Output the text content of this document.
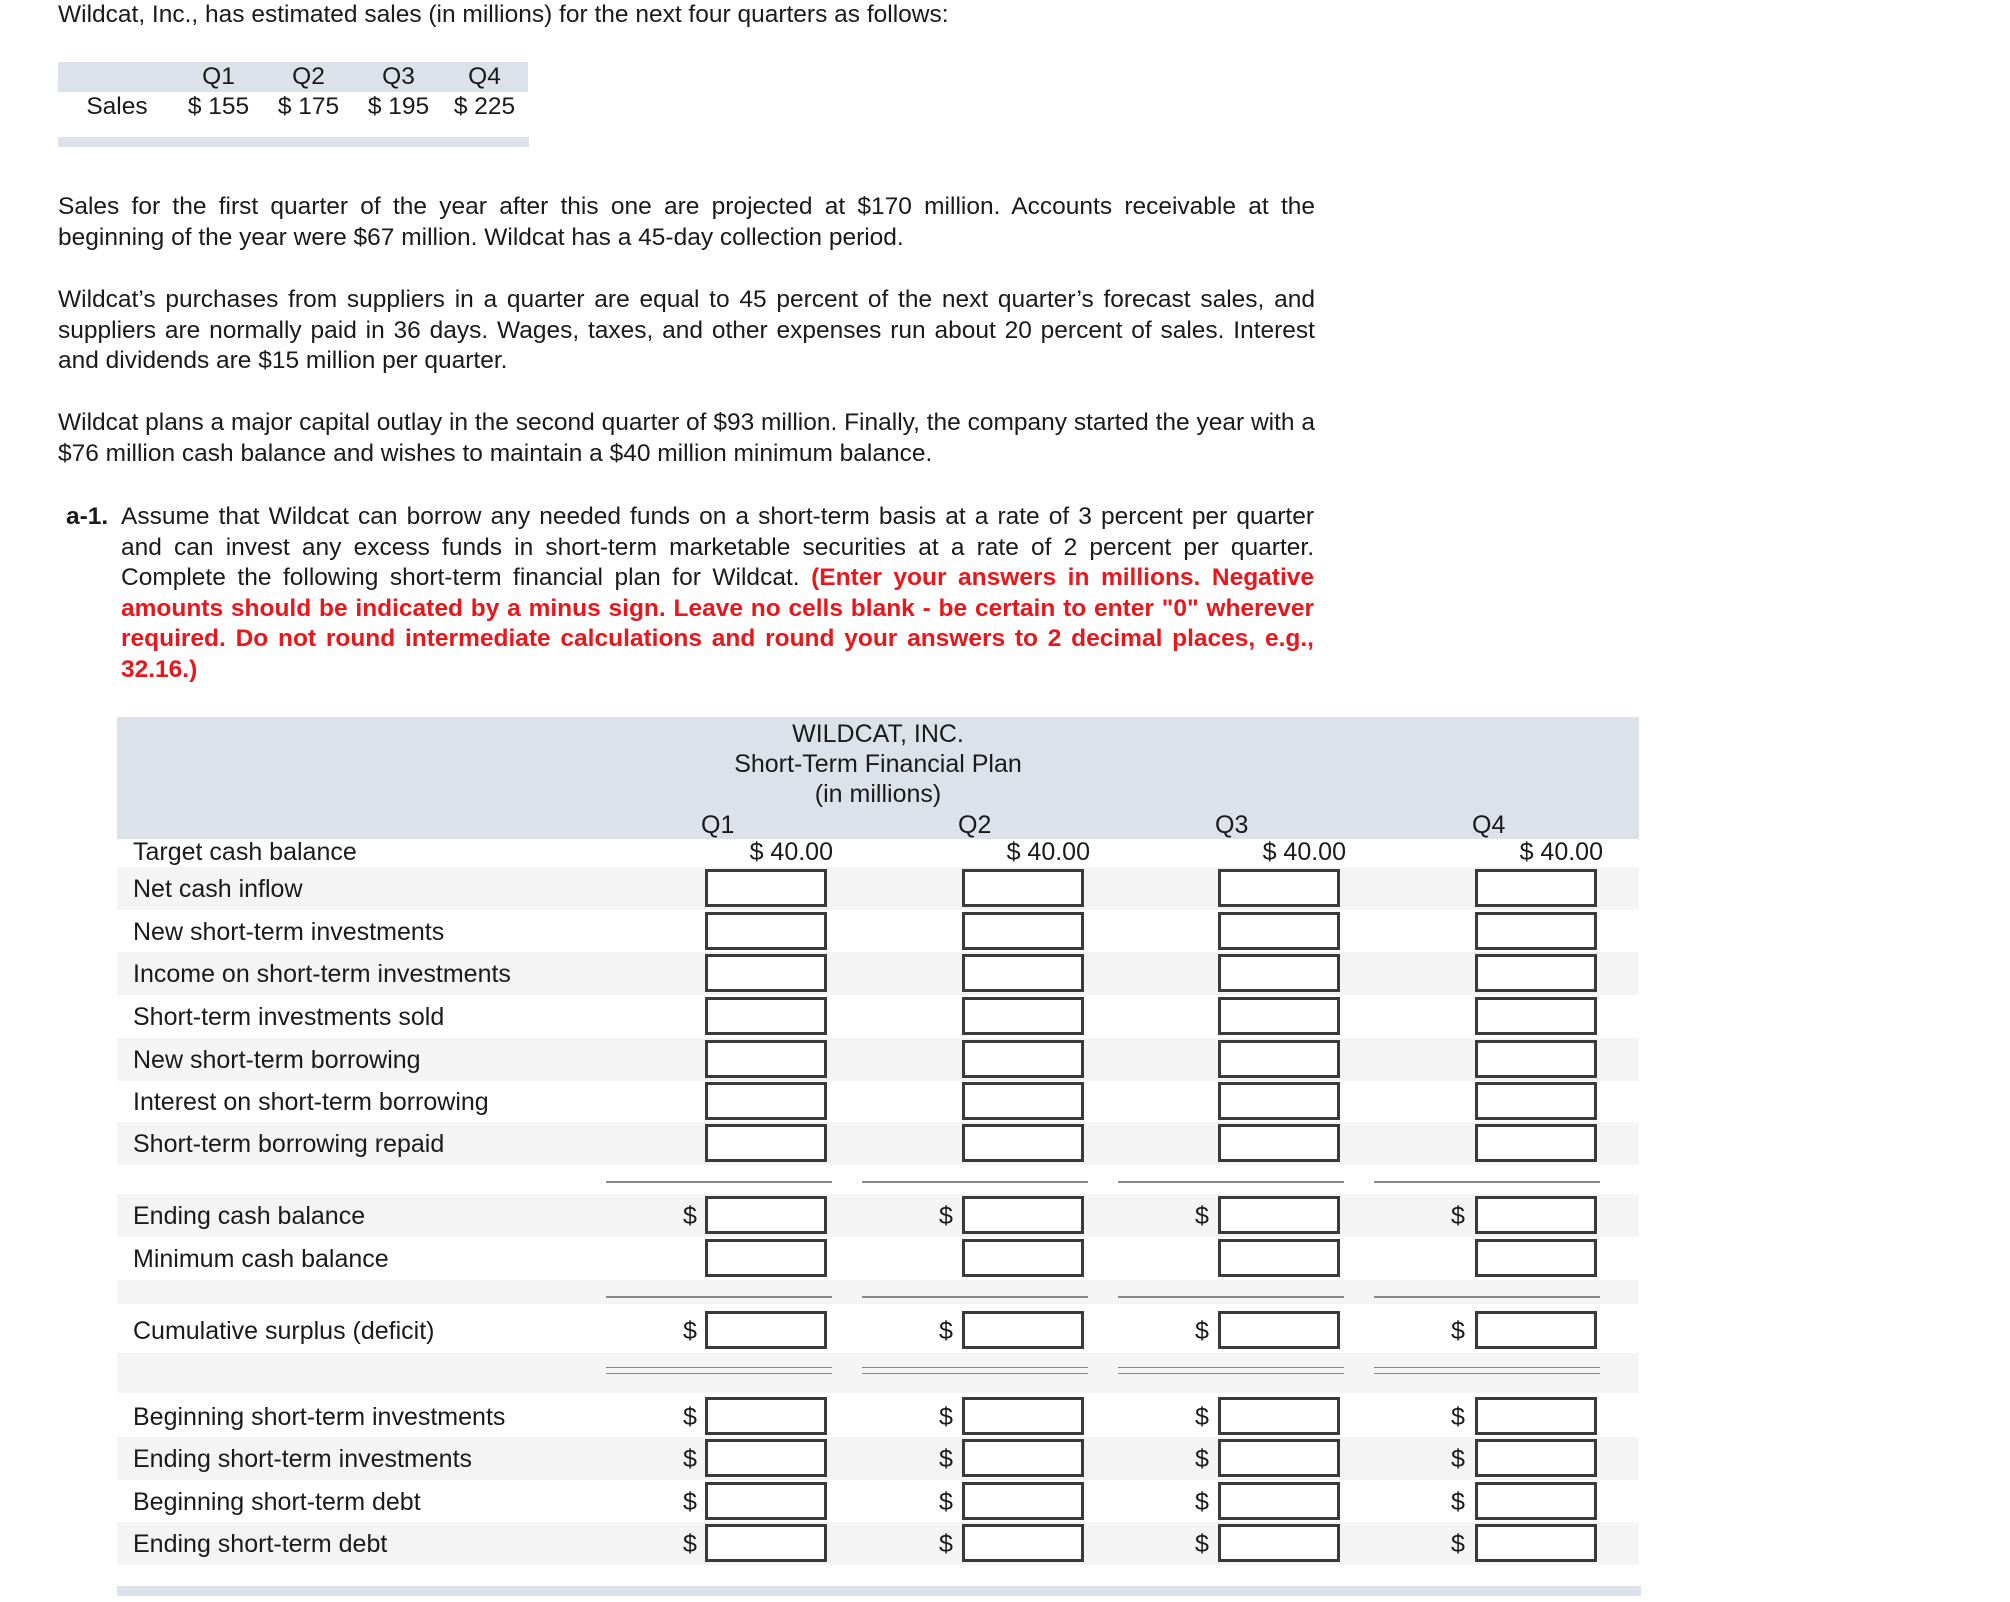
Wildcat, Inc., has estimated sales (in millions) for the next four quarters as follows:

	Q1	Q2	Q3	Q4
Sales	$ 155	$ 175	$ 195	$ 225

Sales for the first quarter of the year after this one are projected at $170 million. Accounts receivable at the beginning of the year were $67 million. Wildcat has a 45-day collection period.

Wildcat’s purchases from suppliers in a quarter are equal to 45 percent of the next quarter’s forecast sales, and suppliers are normally paid in 36 days. Wages, taxes, and other expenses run about 20 percent of sales. Interest and dividends are $15 million per quarter.

Wildcat plans a major capital outlay in the second quarter of $93 million. Finally, the company started the year with a $76 million cash balance and wishes to maintain a $40 million minimum balance.

a-1. Assume that Wildcat can borrow any needed funds on a short-term basis at a rate of 3 percent per quarter and can invest any excess funds in short-term marketable securities at a rate of 2 percent per quarter. Complete the following short-term financial plan for Wildcat. (Enter your answers in millions. Negative amounts should be indicated by a minus sign. Leave no cells blank - be certain to enter "0" wherever required. Do not round intermediate calculations and round your answers to 2 decimal places, e.g., 32.16.)

WILDCAT, INC.
Short-Term Financial Plan
(in millions)
Q1	Q2	Q3	Q4
Target cash balance	$ 40.00	$ 40.00	$ 40.00	$ 40.00
Net cash inflow
New short-term investments
Income on short-term investments
Short-term investments sold
New short-term borrowing
Interest on short-term borrowing
Short-term borrowing repaid
Ending cash balance	$	$	$	$
Minimum cash balance
Cumulative surplus (deficit)	$	$	$	$
Beginning short-term investments	$	$	$	$
Ending short-term investments	$	$	$	$
Beginning short-term debt	$	$	$	$
Ending short-term debt	$	$	$	$
